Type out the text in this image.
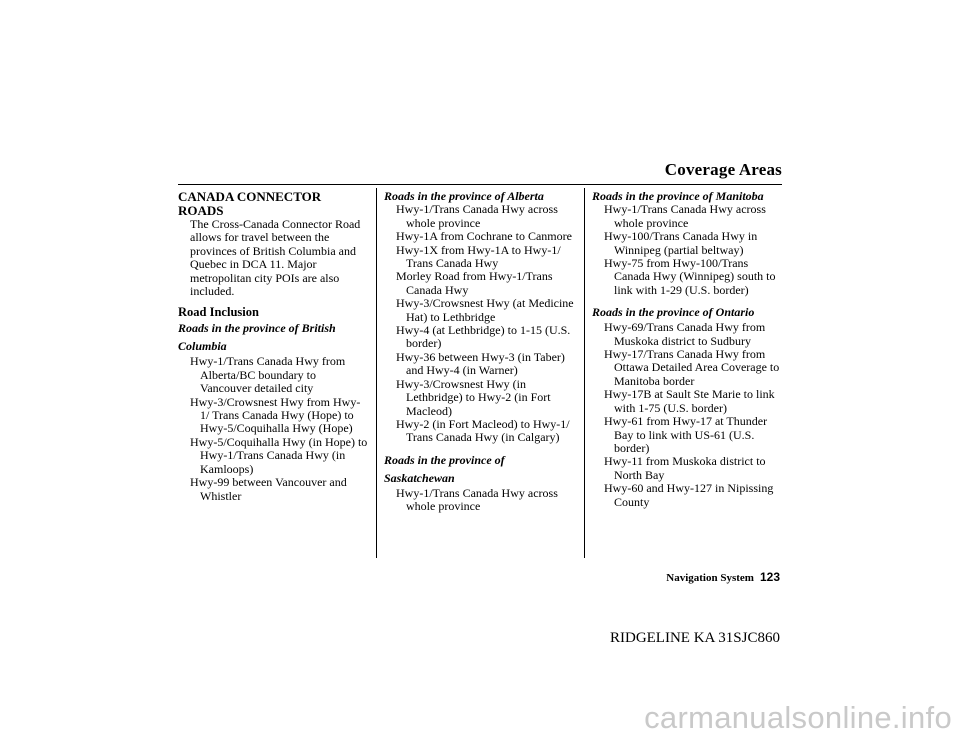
Coverage Areas
CANADA CONNECTOR ROADS
The Cross-Canada Connector Road allows for travel between the provinces of British Columbia and Quebec in DCA 11. Major metropolitan city POIs are also included.
Road Inclusion
Roads in the province of British Columbia
Hwy-1/Trans Canada Hwy from Alberta/BC boundary to Vancouver detailed city
Hwy-3/Crowsnest Hwy from Hwy-1/ Trans Canada Hwy (Hope) to Hwy-5/Coquihalla Hwy (Hope)
Hwy-5/Coquihalla Hwy (in Hope) to Hwy-1/Trans Canada Hwy (in Kamloops)
Hwy-99 between Vancouver and Whistler
Roads in the province of Alberta
Hwy-1/Trans Canada Hwy across whole province
Hwy-1A from Cochrane to Canmore
Hwy-1X from Hwy-1A to Hwy-1/ Trans Canada Hwy
Morley Road from Hwy-1/Trans Canada Hwy
Hwy-3/Crowsnest Hwy (at Medicine Hat) to Lethbridge
Hwy-4 (at Lethbridge) to 1-15 (U.S. border)
Hwy-36 between Hwy-3 (in Taber) and Hwy-4 (in Warner)
Hwy-3/Crowsnest Hwy (in Lethbridge) to Hwy-2 (in Fort Macleod)
Hwy-2 (in Fort Macleod) to Hwy-1/ Trans Canada Hwy (in Calgary)
Roads in the province of Saskatchewan
Hwy-1/Trans Canada Hwy across whole province
Roads in the province of Manitoba
Hwy-1/Trans Canada Hwy across whole province
Hwy-100/Trans Canada Hwy in Winnipeg (partial beltway)
Hwy-75 from Hwy-100/Trans Canada Hwy (Winnipeg) south to link with 1-29 (U.S. border)
Roads in the province of Ontario
Hwy-69/Trans Canada Hwy from Muskoka district to Sudbury
Hwy-17/Trans Canada Hwy from Ottawa Detailed Area Coverage to Manitoba border
Hwy-17B at Sault Ste Marie to link with 1-75 (U.S. border)
Hwy-61 from Hwy-17 at Thunder Bay to link with US-61 (U.S. border)
Hwy-11 from Muskoka district to North Bay
Hwy-60 and Hwy-127 in Nipissing County
Navigation System 123
RIDGELINE KA 31SJC860
carmanualsonline.info
